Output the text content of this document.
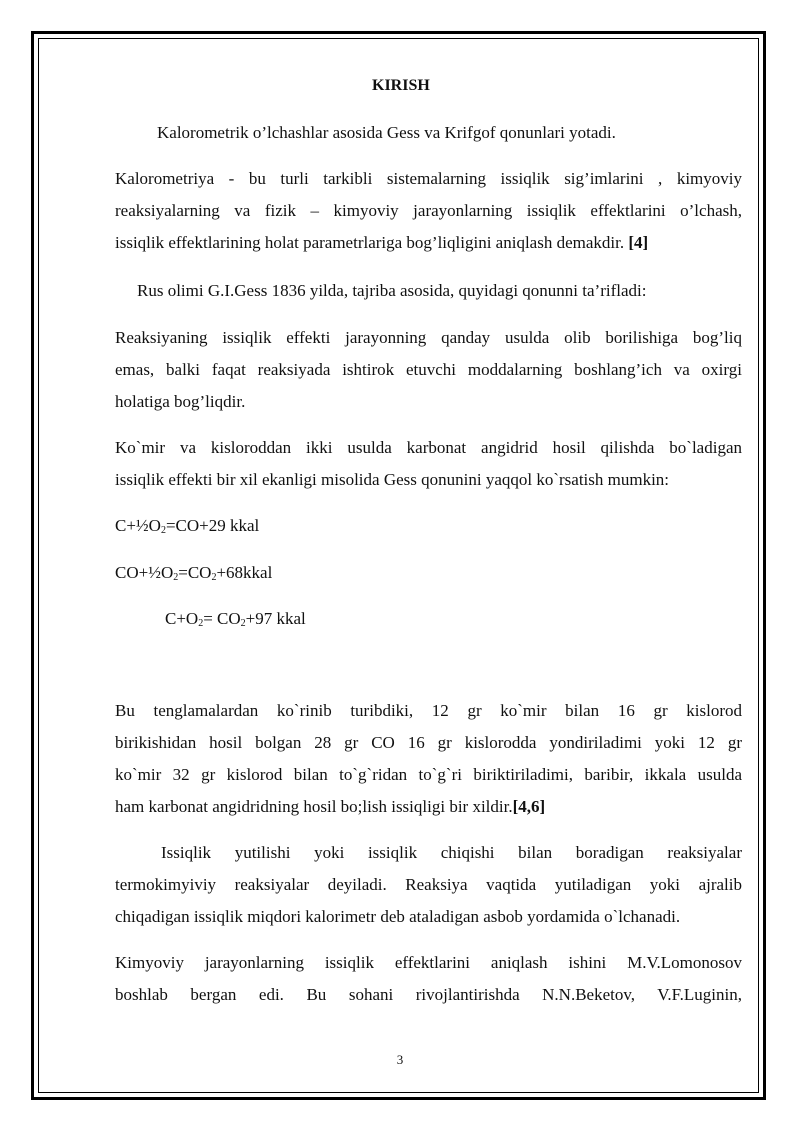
KIRISH
Kalorometrik o’lchashlar asosida Gess va Krifgof qonunlari yotadi.
Kalorometriya - bu turli tarkibli sistemalarning issiqlik sig’imlarini , kimyoviy
reaksiyalarning va fizik – kimyoviy jarayonlarning issiqlik effektlarini o’lchash,
issiqlik effektlarining holat parametrlariga bog’liqligini aniqlash demakdir. [4]
Rus olimi G.I.Gess 1836 yilda, tajriba asosida, quyidagi qonunni ta’rifladi:
Reaksiyaning issiqlik effekti jarayonning qanday usulda olib borilishiga bog’liq
emas, balki faqat reaksiyada ishtirok etuvchi moddalarning boshlang’ich va oxirgi
holatiga bog’liqdir.
Ko`mir va kisloroddan ikki usulda karbonat angidrid hosil qilishda bo`ladigan
issiqlik effekti bir xil ekanligi misolida Gess qonunini yaqqol ko`rsatish mumkin:
$C+\frac{1}{2}O_2=CO+29$ kkal
$CO+\frac{1}{2}O_2=CO_2+68kkal$
$C+O_2= CO_2+97$ kkal
Bu tenglamalardan ko`rinib turibdiki, 12 gr ko`mir bilan 16 gr kislorod
birikishidan hosil bolgan 28 gr CO 16 gr kislorodda yondiriladimi yoki 12 gr
ko`mir 32 gr kislorod bilan to`g`ridan to`g`ri biriktiriladimi, baribir, ikkala usulda
ham karbonat angidridning hosil bo;lish issiqligi bir xildir.[4,6]
Issiqlik yutilishi yoki issiqlik chiqishi bilan boradigan reaksiyalar
termokimyiviy reaksiyalar deyiladi. Reaksiya vaqtida yutiladigan yoki ajralib
chiqadigan issiqlik miqdori kalorimetr deb ataladigan asbob yordamida o`lchanadi.
Kimyoviy jarayonlarning issiqlik effektlarini aniqlash ishini M.V.Lomonosov
boshlab bergan edi. Bu sohani rivojlantirishda N.N.Beketov, V.F.Luginin,
3
